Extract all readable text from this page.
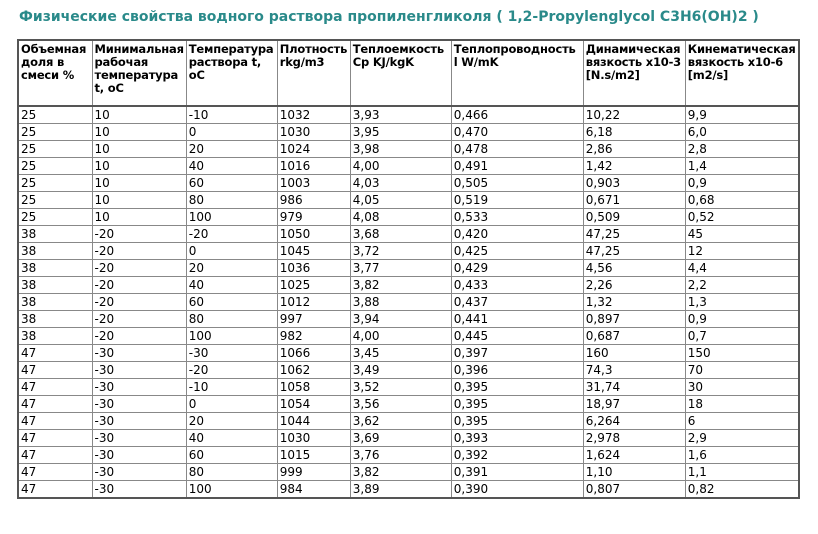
Физические свойства водного раствора пропиленгликоля ( 1,2-Propylenglycol C3H6(OH)2 )
Объемная доля в смеси %	Минимальная рабочая температура t, оС	Температура раствора t, оС	Плотность rkg/m3	Теплоемкость Cp KJ/kgK	Теплопроводность l W/mK	Динамическая вязкость x10-3 [N.s/m2]	Кинематическая вязкость x10-6 [m2/s]
25	10	-10	1032	3,93	0,466	10,22	9,9
25	10	0	1030	3,95	0,470	6,18	6,0
25	10	20	1024	3,98	0,478	2,86	2,8
25	10	40	1016	4,00	0,491	1,42	1,4
25	10	60	1003	4,03	0,505	0,903	0,9
25	10	80	986	4,05	0,519	0,671	0,68
25	10	100	979	4,08	0,533	0,509	0,52
38	-20	-20	1050	3,68	0,420	47,25	45
38	-20	0	1045	3,72	0,425	47,25	12
38	-20	20	1036	3,77	0,429	4,56	4,4
38	-20	40	1025	3,82	0,433	2,26	2,2
38	-20	60	1012	3,88	0,437	1,32	1,3
38	-20	80	997	3,94	0,441	0,897	0,9
38	-20	100	982	4,00	0,445	0,687	0,7
47	-30	-30	1066	3,45	0,397	160	150
47	-30	-20	1062	3,49	0,396	74,3	70
47	-30	-10	1058	3,52	0,395	31,74	30
47	-30	0	1054	3,56	0,395	18,97	18
47	-30	20	1044	3,62	0,395	6,264	6
47	-30	40	1030	3,69	0,393	2,978	2,9
47	-30	60	1015	3,76	0,392	1,624	1,6
47	-30	80	999	3,82	0,391	1,10	1,1
47	-30	100	984	3,89	0,390	0,807	0,82
